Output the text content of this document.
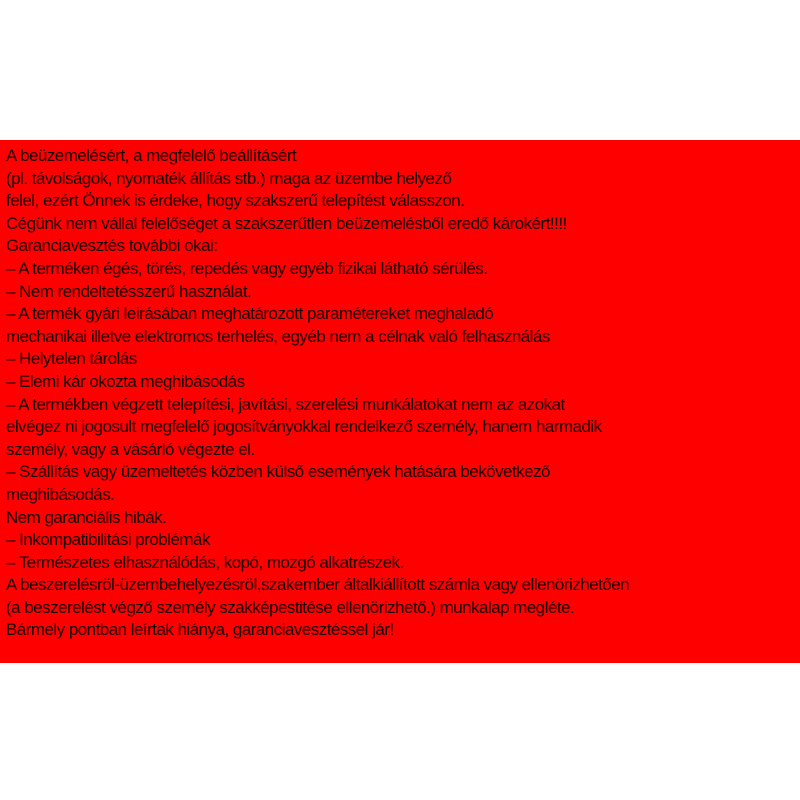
A beüzemelésért, a megfelelő beállításért
(pl. távolságok, nyomaték állítás stb.) maga az üzembe helyező
felel, ezért Önnek is érdeke, hogy szakszerű telepítést válasszon.
Cégünk nem vállal felelőséget a szakszerűtlen beüzemelésből eredő károkért!!!!
Garanciavesztés további okai:
– A terméken égés, törés, repedés vagy egyéb fizikai látható sérülés.
– Nem rendeltetésszerű használat.
– A termék gyári leirásában meghatározott paramétereket meghaladó
mechanikai illetve elektromos terhelés, egyéb nem a célnak való felhasználás
– Helytelen tárolás
– Elemi kár okozta meghibásodás
– A termékben végzett telepítési, javítási, szerelési munkálatokat nem az azokat
elvégez ni jogosult megfelelő jogosítványokkal rendelkező személy, hanem harmadik
személy, vagy a vásárló végezte el.
– Szállítás vagy üzemeltetés közben külső események hatására bekövetkező
meghibásodás.
Nem garanciális hibák.
– Inkompatibilitási problémák
– Természetes elhasználódás, kopó, mozgó alkatrészek.
A beszerelésröl-üzembehelyezésröl,szakember általkiállított számla vagy ellenörizhetően
(a beszerelést végző személy szakképestitése ellenörizhető.) munkalap megléte.
Bármely pontban leírtak hiánya, garanciavesztéssel jár!
